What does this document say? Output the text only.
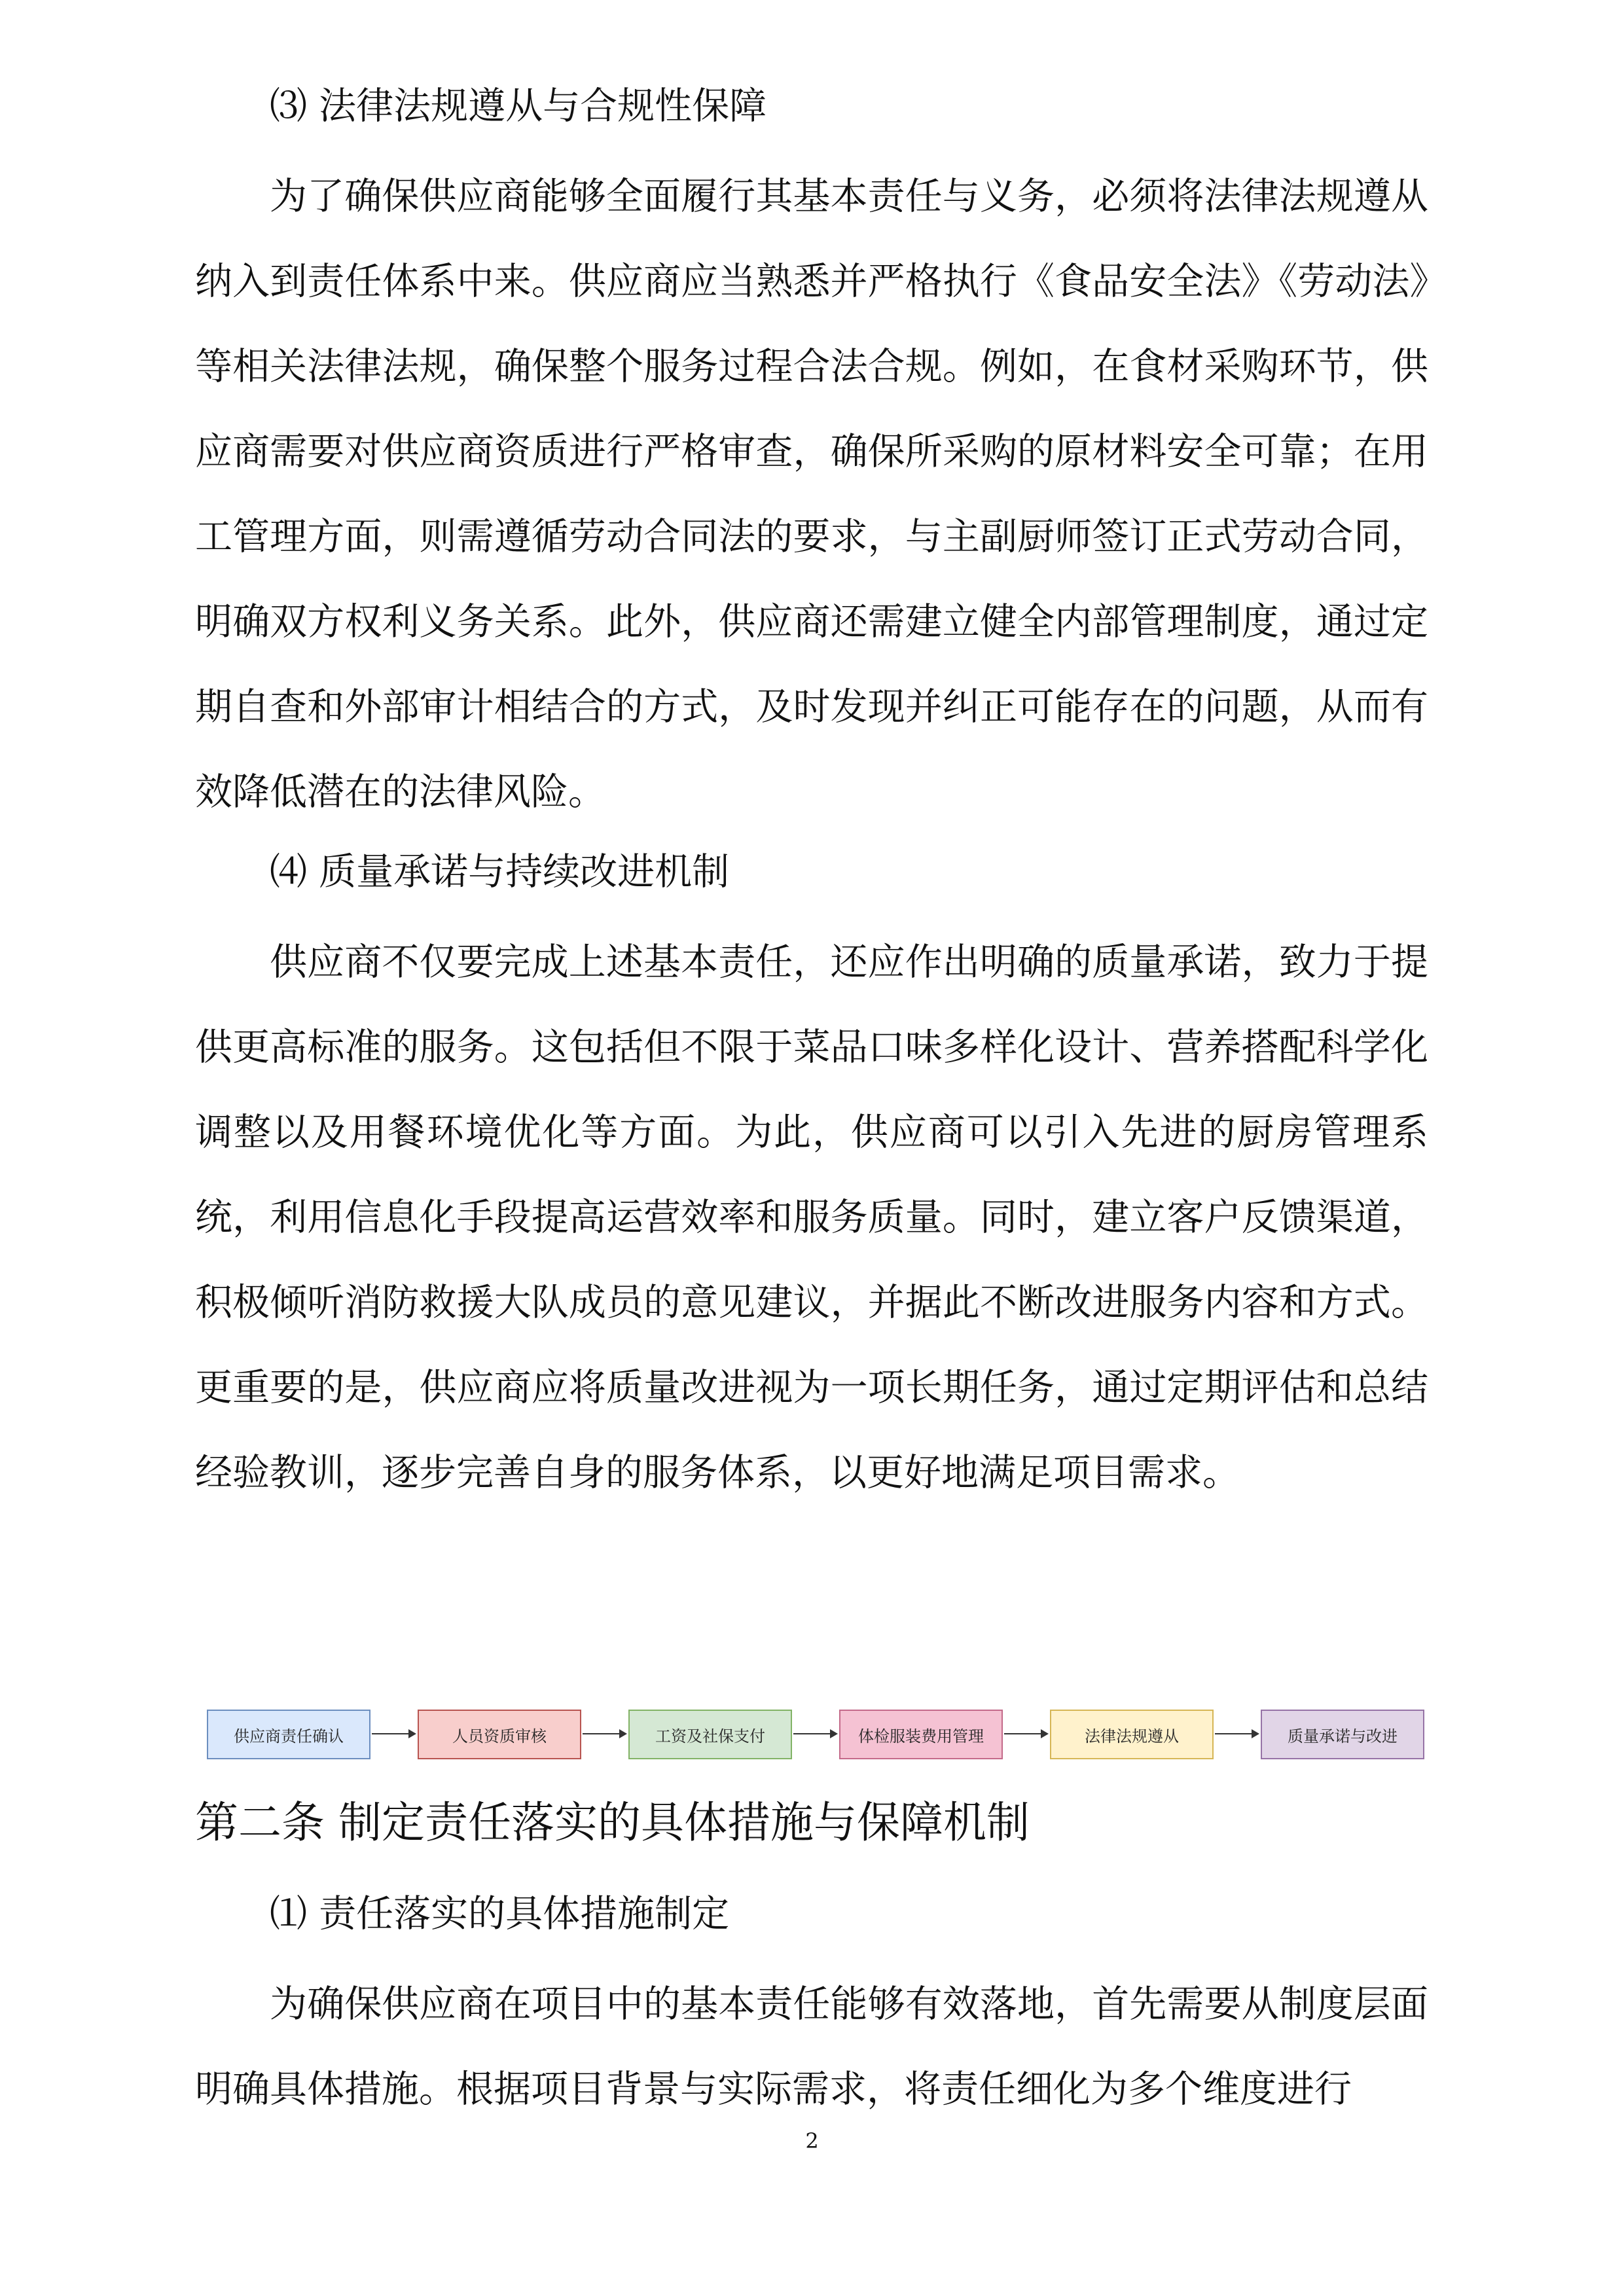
⑶ 法律法规遵从与合规性保障

为了确保供应商能够全面履行其基本责任与义务，必须将法律法规遵从纳入到责任体系中来。供应商应当熟悉并严格执行《食品安全法》《劳动法》等相关法律法规，确保整个服务过程合法合规。例如，在食材采购环节，供应商需要对供应商资质进行严格审查，确保所采购的原材料安全可靠；在用工管理方面，则需遵循劳动合同法的要求，与主副厨师签订正式劳动合同，明确双方权利义务关系。此外，供应商还需建立健全内部管理制度，通过定期自查和外部审计相结合的方式，及时发现并纠正可能存在的问题，从而有效降低潜在的法律风险。

⑷ 质量承诺与持续改进机制

供应商不仅要完成上述基本责任，还应作出明确的质量承诺，致力于提供更高标准的服务。这包括但不限于菜品口味多样化设计、营养搭配科学化调整以及用餐环境优化等方面。为此，供应商可以引入先进的厨房管理系统，利用信息化手段提高运营效率和服务质量。同时，建立客户反馈渠道，积极倾听消防救援大队成员的意见建议，并据此不断改进服务内容和方式。更重要的是，供应商应将质量改进视为一项长期任务，通过定期评估和总结经验教训，逐步完善自身的服务体系，以更好地满足项目需求。

供应商责任确认	人员资质审核	工资及社保支付	体检服装费用管理	法律法规遵从	质量承诺与改进
第二条 制定责任落实的具体措施与保障机制
⑴ 责任落实的具体措施制定

为确保供应商在项目中的基本责任能够有效落地，首先需要从制度层面明确具体措施。根据项目背景与实际需求，将责任细化为多个维度进行

2
